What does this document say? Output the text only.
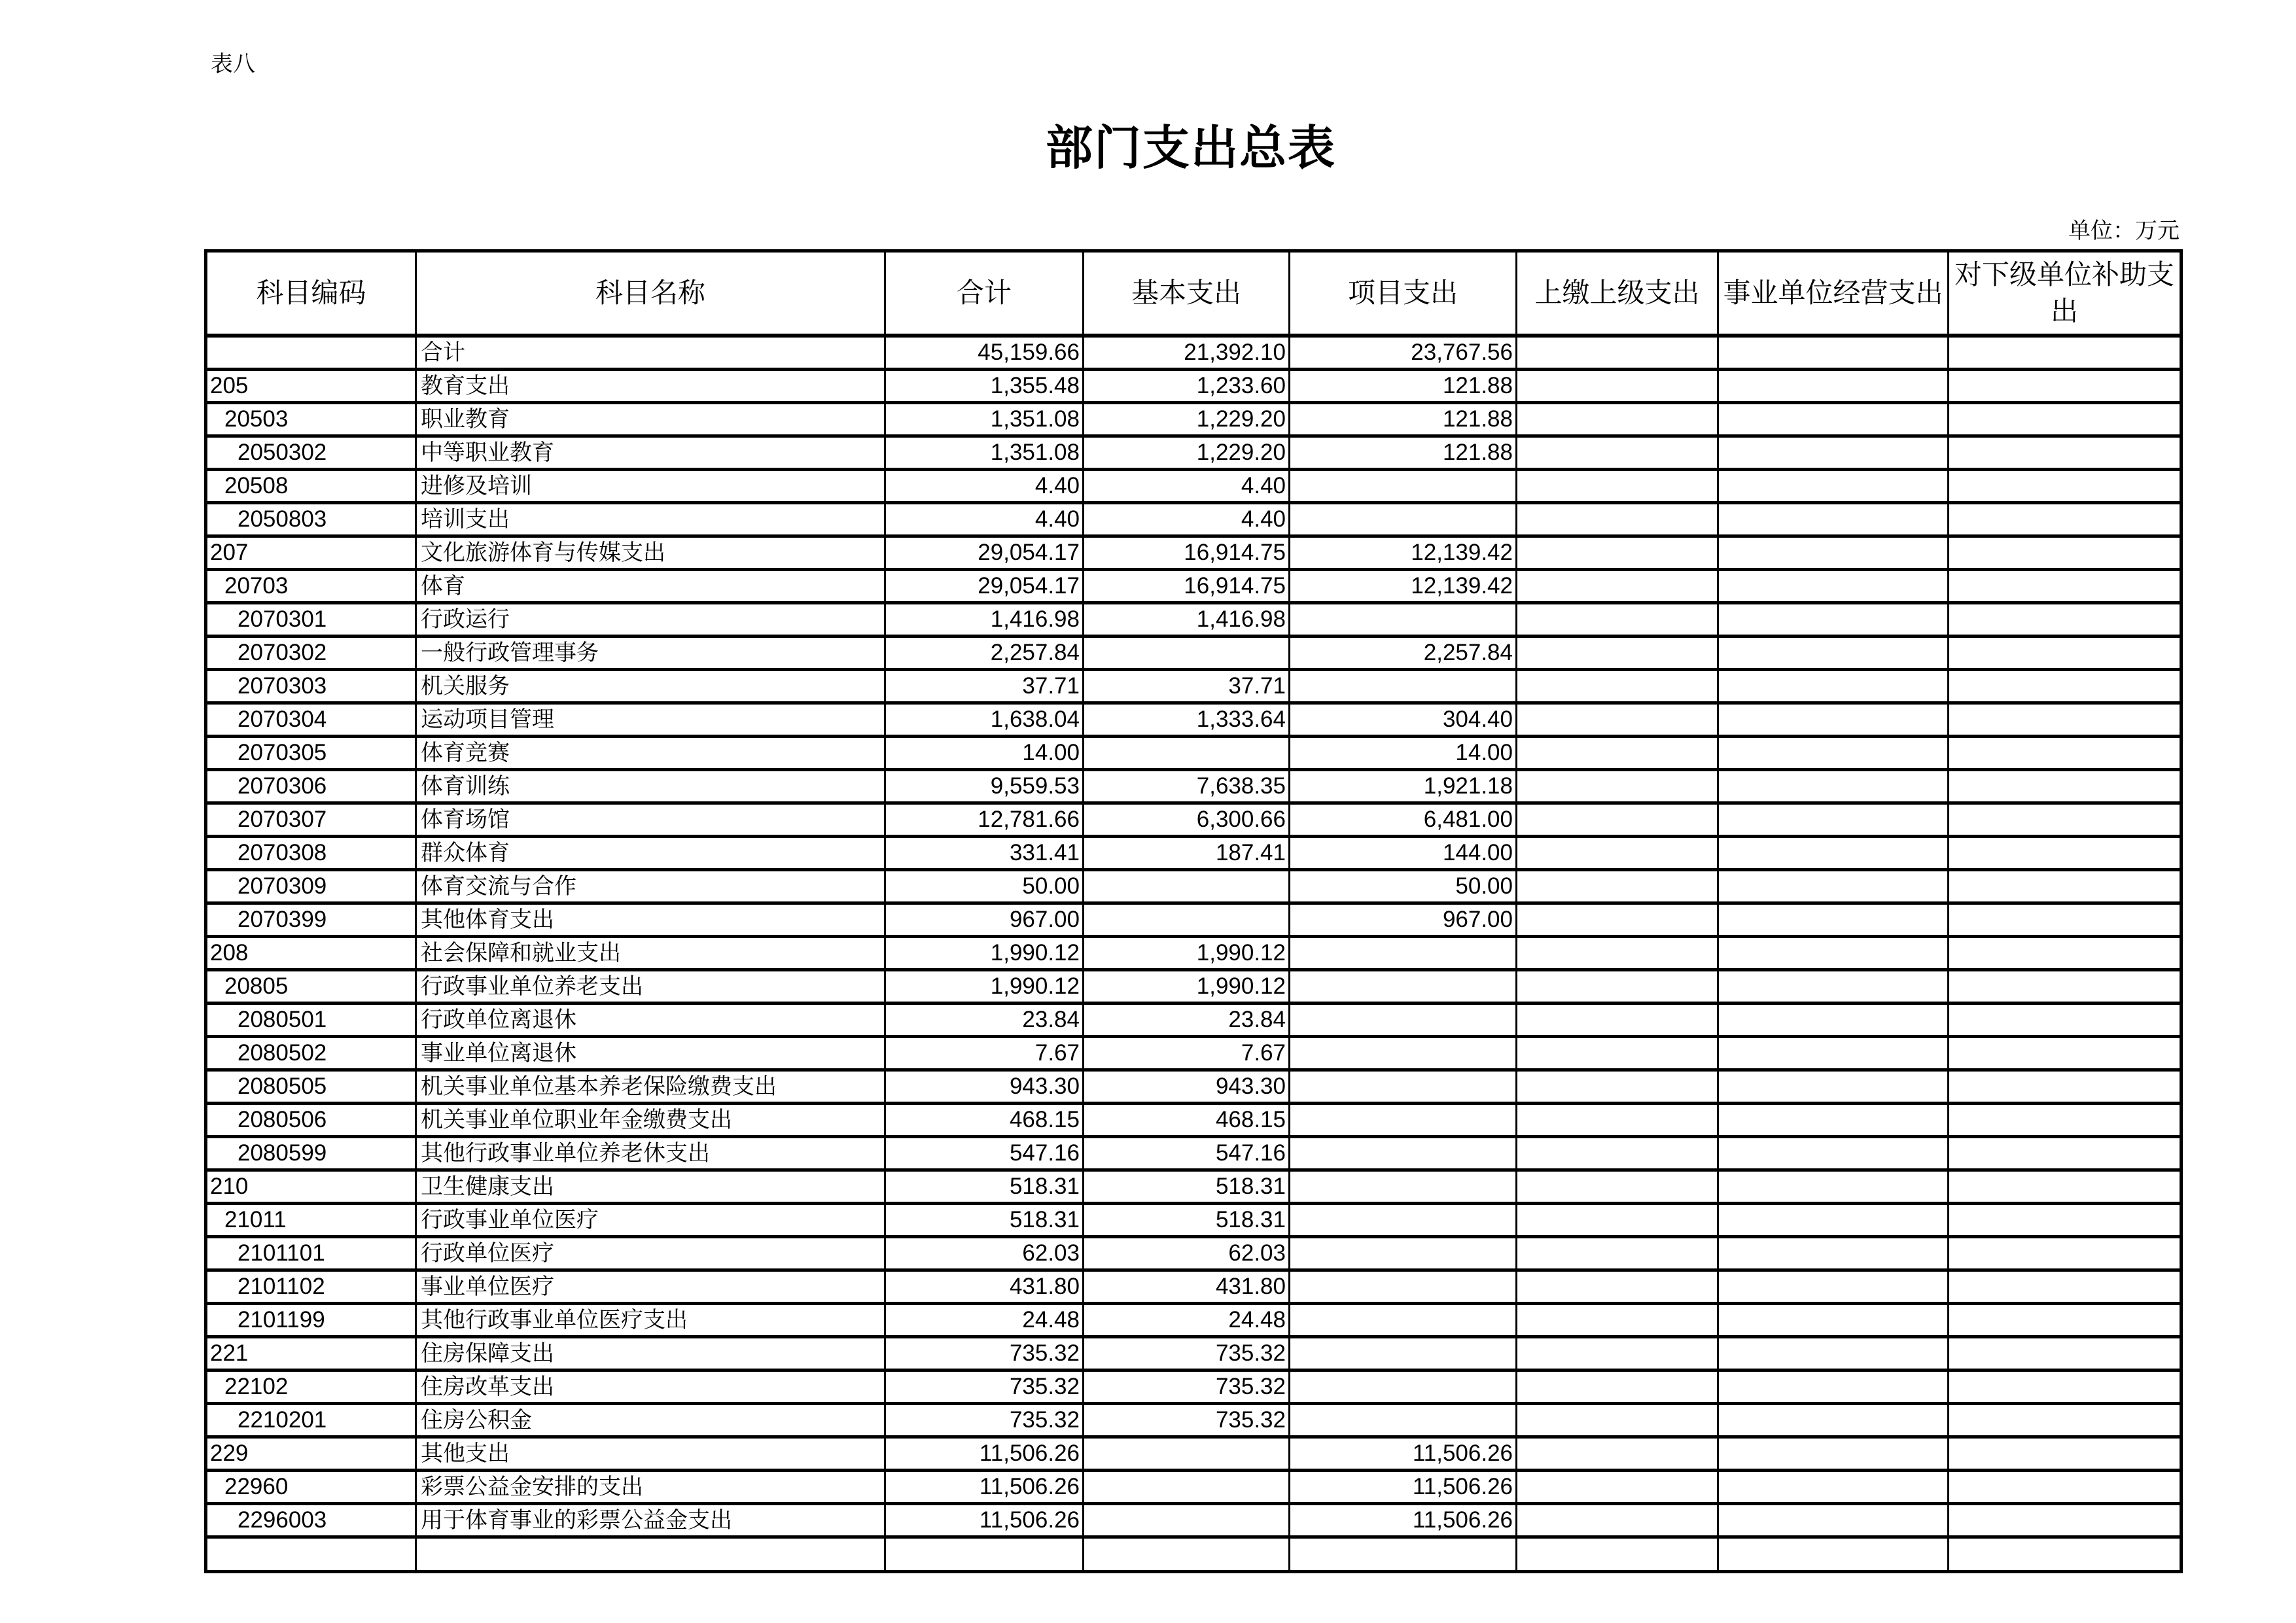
表八
部门支出总表
单位：万元
科目编码	科目名称	合计	基本支出	项目支出	上缴上级支出	事业单位经营支出	对下级单位补助支出
	合计	45,159.66	21,392.10	23,767.56			
205	教育支出	1,355.48	1,233.60	121.88			
20503	职业教育	1,351.08	1,229.20	121.88			
2050302	中等职业教育	1,351.08	1,229.20	121.88			
20508	进修及培训	4.40	4.40				
2050803	培训支出	4.40	4.40				
207	文化旅游体育与传媒支出	29,054.17	16,914.75	12,139.42			
20703	体育	29,054.17	16,914.75	12,139.42			
2070301	行政运行	1,416.98	1,416.98				
2070302	一般行政管理事务	2,257.84		2,257.84			
2070303	机关服务	37.71	37.71				
2070304	运动项目管理	1,638.04	1,333.64	304.40			
2070305	体育竞赛	14.00		14.00			
2070306	体育训练	9,559.53	7,638.35	1,921.18			
2070307	体育场馆	12,781.66	6,300.66	6,481.00			
2070308	群众体育	331.41	187.41	144.00			
2070309	体育交流与合作	50.00		50.00			
2070399	其他体育支出	967.00		967.00			
208	社会保障和就业支出	1,990.12	1,990.12				
20805	行政事业单位养老支出	1,990.12	1,990.12				
2080501	行政单位离退休	23.84	23.84				
2080502	事业单位离退休	7.67	7.67				
2080505	机关事业单位基本养老保险缴费支出	943.30	943.30				
2080506	机关事业单位职业年金缴费支出	468.15	468.15				
2080599	其他行政事业单位养老休支出	547.16	547.16				
210	卫生健康支出	518.31	518.31				
21011	行政事业单位医疗	518.31	518.31				
2101101	行政单位医疗	62.03	62.03				
2101102	事业单位医疗	431.80	431.80				
2101199	其他行政事业单位医疗支出	24.48	24.48				
221	住房保障支出	735.32	735.32				
22102	住房改革支出	735.32	735.32				
2210201	住房公积金	735.32	735.32				
229	其他支出	11,506.26		11,506.26			
22960	彩票公益金安排的支出	11,506.26		11,506.26			
2296003	用于体育事业的彩票公益金支出	11,506.26		11,506.26			
